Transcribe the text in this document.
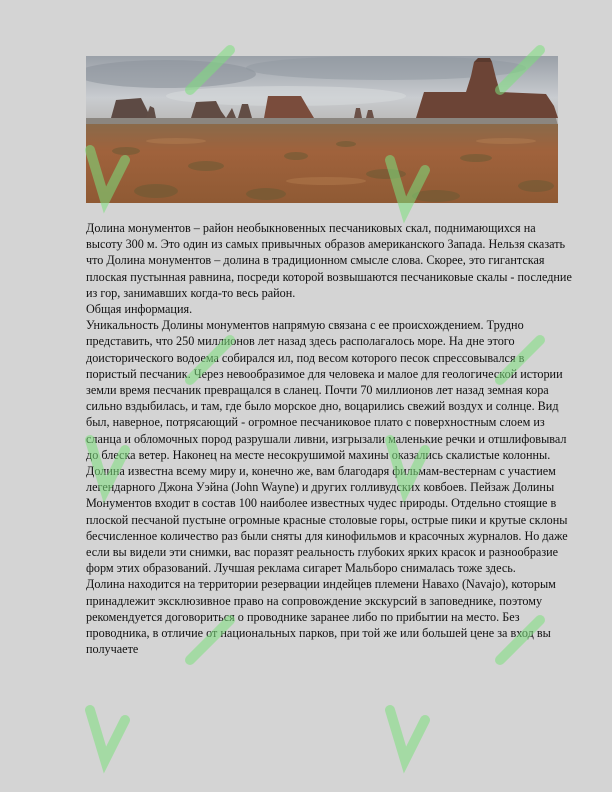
Долина монументов – район необыкновенных песчаниковых скал, поднимающихся на высоту 300 м. Это один из самых привычных образов американского Запада. Нельзя сказать что Долина монументов – долина в традиционном смысле слова. Скорее, это гигантская плоская пустынная равнина, посреди которой возвышаются песчаниковые скалы - последние из гор, занимавших когда-то весь район.

Общая информация.

Уникальность Долины монументов напрямую связана с ее происхождением. Трудно представить, что 250 миллионов лет назад здесь располагалось море. На дне этого доисторического водоема собирался ил, под весом которого песок спрессовывался в пористый песчаник. Через невообразимое для человека и малое для геологической истории земли время песчаник превращался в сланец. Почти 70 миллионов лет назад земная кора сильно вздыбилась, и там, где было морское дно, воцарились свежий воздух и солнце. Вид был, наверное, потрясающий - огромное песчаниковое плато с поверхностным слоем из сланца и обломочных пород разрушали ливни, изгрызали маленькие речки и отшлифовывал до блеска ветер. Наконец на месте несокрушимой махины оказались скалистые колонны.

Долина известна всему миру и, конечно же, вам благодаря фильмам-вестернам с участием легендарного Джона Уэйна (John Wayne) и других голливудских ковбоев. Пейзаж Долины Монументов входит в состав 100 наиболее известных чудес природы. Отдельно стоящие в плоской песчаной пустыне огромные красные столовые горы, острые пики и крутые склоны бесчисленное количество раз были сняты для кинофильмов и красочных журналов. Но даже если вы видели эти снимки, вас поразят реальность глубоких ярких красок и разнообразие форм этих образований. Лучшая реклама сигарет Мальборо снималась тоже здесь.

Долина находится на территории резервации индейцев племени Навахо (Navajo), которым принадлежит эксклюзивное право на сопровождение экскурсий в заповеднике, поэтому рекомендуется договориться о проводнике заранее либо по прибытии на место. Без проводника, в отличие от национальных парков, при той же или большей цене за вход вы получаете
